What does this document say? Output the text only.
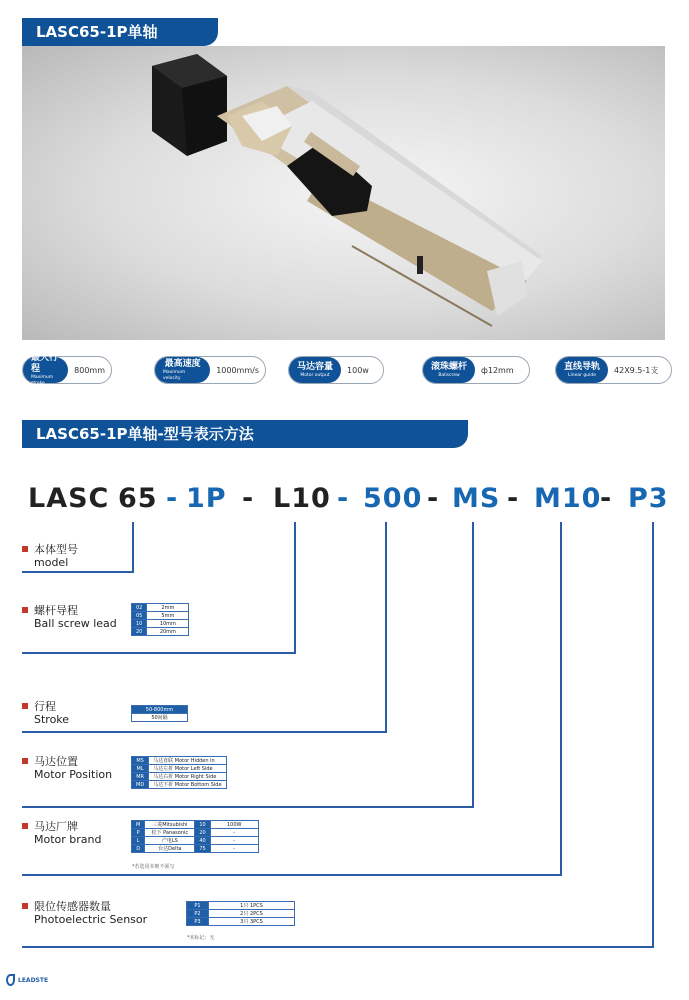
LASC65-1P单轴
最大行程
Maximum stroke
800mm
最高速度
Maximum velocity
1000mm/s	马达容量
Motor output
100w	滚珠螺杆
Ballscrew
ф12mm	直线导轨
Linear guide
42X9.5-1支
LASC65-1P单轴-型号表示方法
LASC 65 - 1P - L10 - 500 - MS - M10
- P3
本体型号
model
螺杆导程
Ball screw lead
行程
Stroke
马达位置
Motor Position
马达厂牌
Motor brand
限位传感器数量
Photoelectric Sensor
02	2mm
05	5mm
10	10mm
20	20mm
50-800mm
50间隔
MS	马达直联 Motor Hidden in
ML	马达左折 Motor Left Side
MR	马达右折 Motor Right Side
MD	马达下折 Motor Bottom Side
M	三菱Mitsubishi	10	100W
P	松下 Panasonic	20	-
L	产电LS	40	-
D	台达Delta	75	-
*若选用本则不须写
P1	1只 1PCS
P2	2只 2PCS
P3	3只 3PCS
*未标记：无
LEADSTE
